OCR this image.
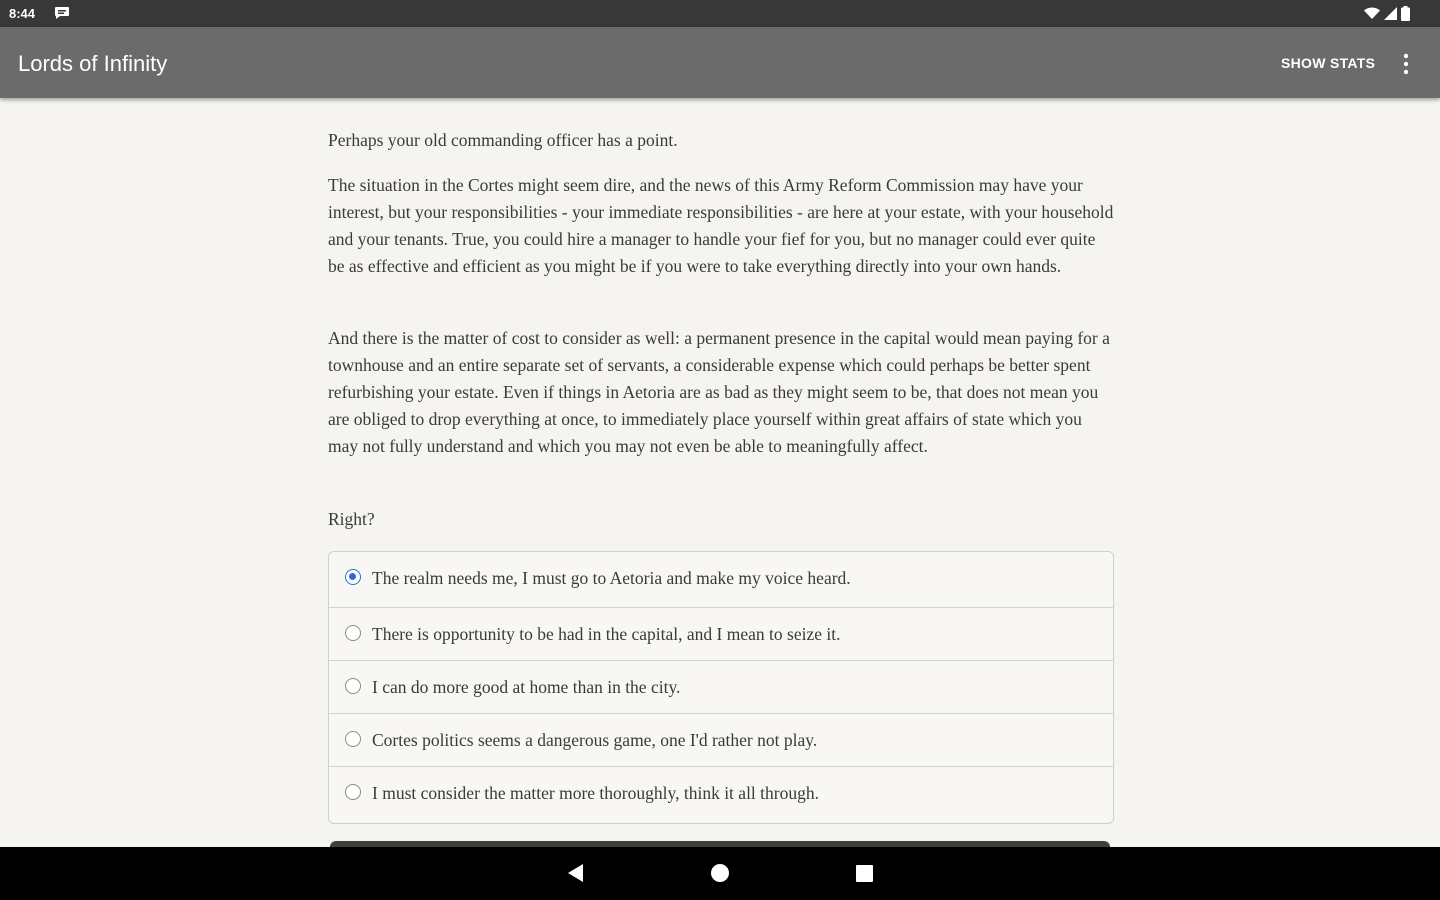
8:44
Lords of Infinity	SHOW STATS

Perhaps your old commanding officer has a point.

The situation in the Cortes might seem dire, and the news of this Army Reform Commission may have your interest, but your responsibilities - your immediate responsibilities - are here at your estate, with your household and your tenants. True, you could hire a manager to handle your fief for you, but no manager could ever quite be as effective and efficient as you might be if you were to take everything directly into your own hands.

And there is the matter of cost to consider as well: a permanent presence in the capital would mean paying for a townhouse and an entire separate set of servants, a considerable expense which could perhaps be better spent refurbishing your estate. Even if things in Aetoria are as bad as they might seem to be, that does not mean you are obliged to drop everything at once, to immediately place yourself within great affairs of state which you may not fully understand and which you may not even be able to meaningfully affect.

Right?

The realm needs me, I must go to Aetoria and make my voice heard.
There is opportunity to be had in the capital, and I mean to seize it.
I can do more good at home than in the city.
Cortes politics seems a dangerous game, one I'd rather not play.
I must consider the matter more thoroughly, think it all through.
